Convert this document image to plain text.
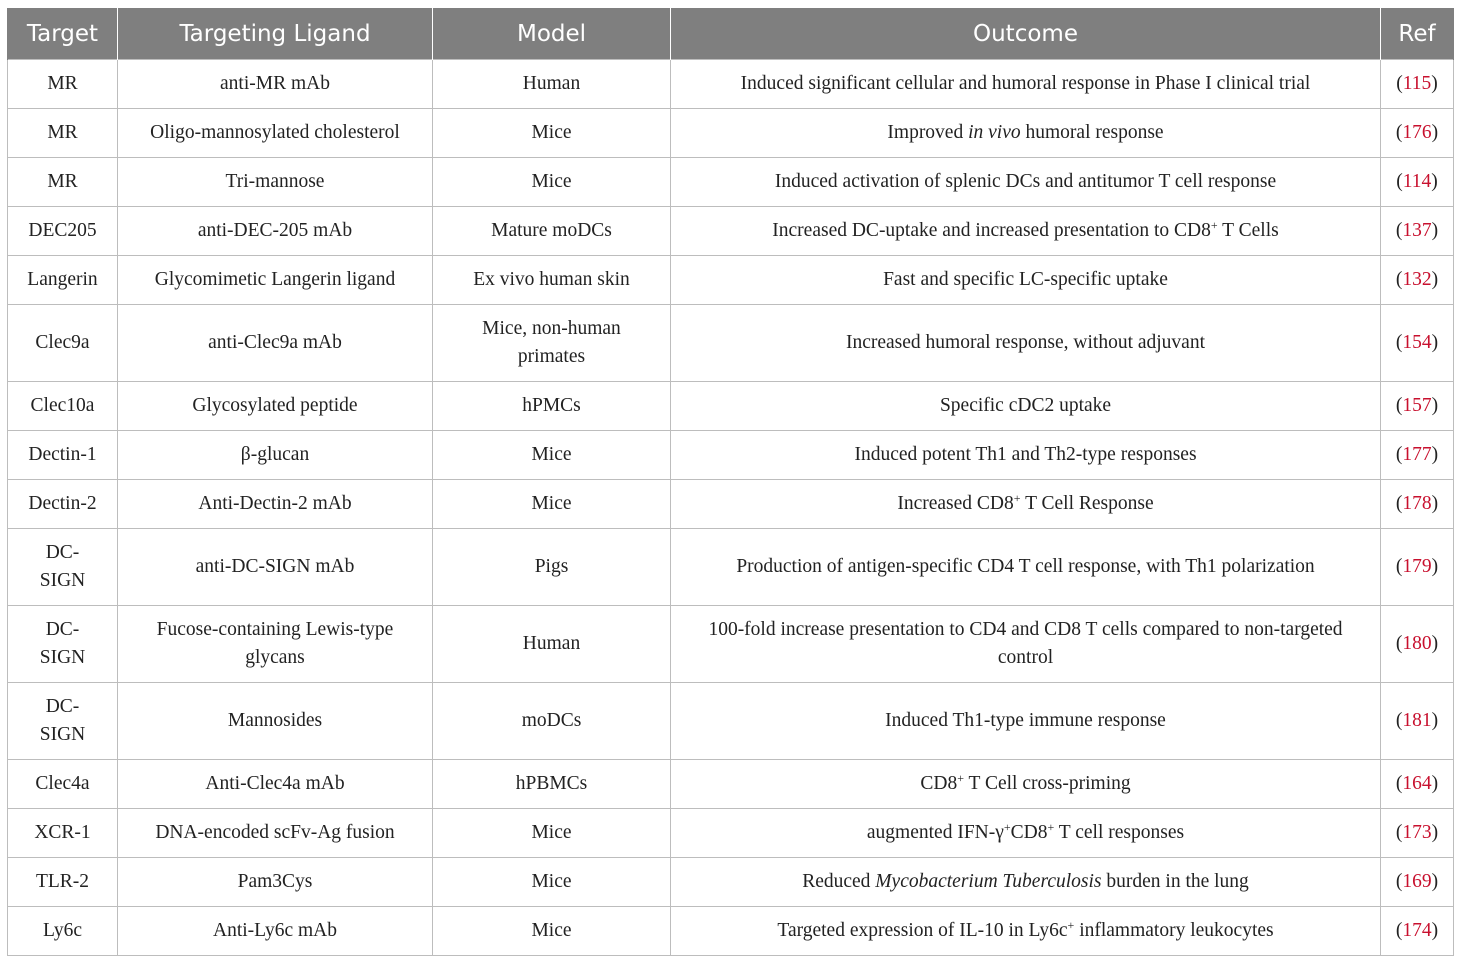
Target	Targeting Ligand	Model	Outcome	Ref
MR	anti-MR mAb	Human	Induced significant cellular and humoral response in Phase I clinical trial	(115)
MR	Oligo-mannosylated cholesterol	Mice	Improved in vivo humoral response	(176)
MR	Tri-mannose	Mice	Induced activation of splenic DCs and antitumor T cell response	(114)
DEC205	anti-DEC-205 mAb	Mature moDCs	Increased DC-uptake and increased presentation to CD8+ T Cells	(137)
Langerin	Glycomimetic Langerin ligand	Ex vivo human skin	Fast and specific LC-specific uptake	(132)
Clec9a	anti-Clec9a mAb	Mice, non-human primates	Increased humoral response, without adjuvant	(154)
Clec10a	Glycosylated peptide	hPMCs	Specific cDC2 uptake	(157)
Dectin-1	β-glucan	Mice	Induced potent Th1 and Th2-type responses	(177)
Dectin-2	Anti-Dectin-2 mAb	Mice	Increased CD8+ T Cell Response	(178)
DC-SIGN	anti-DC-SIGN mAb	Pigs	Production of antigen-specific CD4 T cell response, with Th1 polarization	(179)
DC-SIGN	Fucose-containing Lewis-type glycans	Human	100-fold increase presentation to CD4 and CD8 T cells compared to non-targeted control	(180)
DC-SIGN	Mannosides	moDCs	Induced Th1-type immune response	(181)
Clec4a	Anti-Clec4a mAb	hPBMCs	CD8+ T Cell cross-priming	(164)
XCR-1	DNA-encoded scFv-Ag fusion	Mice	augmented IFN-γ+CD8+ T cell responses	(173)
TLR-2	Pam3Cys	Mice	Reduced Mycobacterium Tuberculosis burden in the lung	(169)
Ly6c	Anti-Ly6c mAb	Mice	Targeted expression of IL-10 in Ly6c+ inflammatory leukocytes	(174)
